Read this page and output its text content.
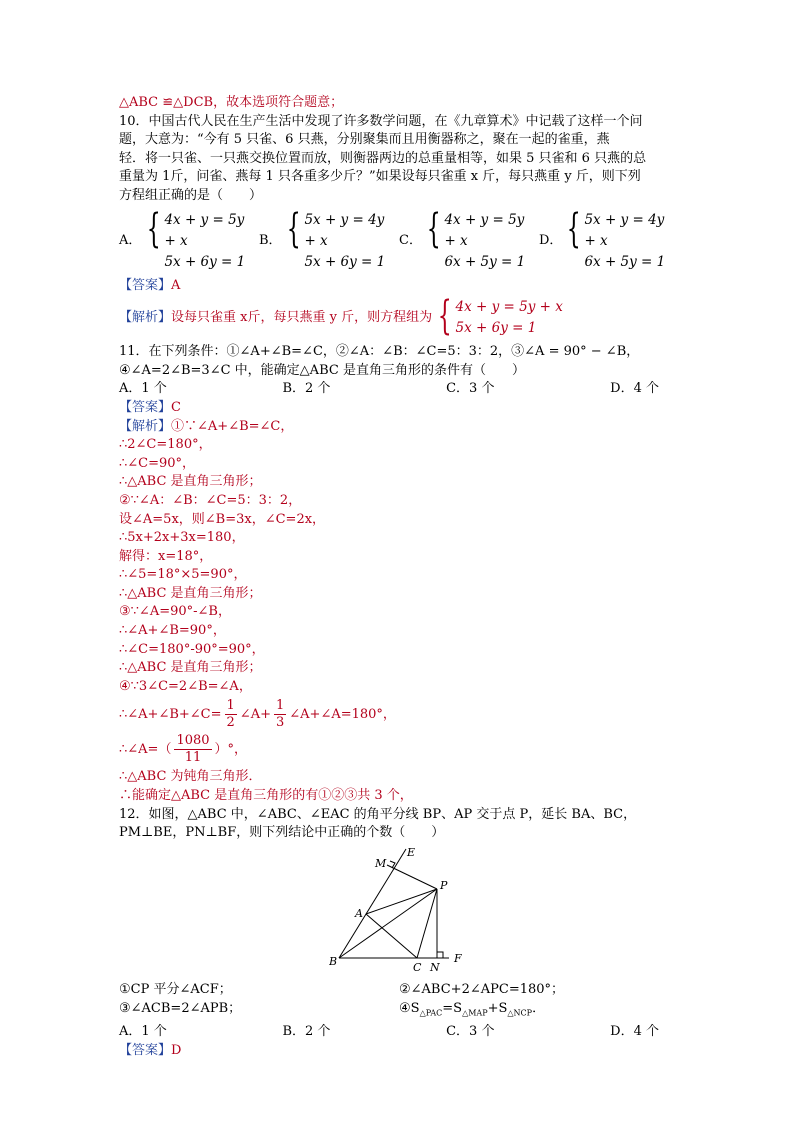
△ABC ≌△DCB，故本选项符合题意；

10．中国古代人民在生产生活中发现了许多数学问题，在《九章算术》中记载了这样一个问

题，大意为：“今有 5 只雀、6 只燕，分别聚集而且用衡器称之，聚在一起的雀重，燕

轻．将一只雀、一只燕交换位置而放，则衡器两边的总重量相等，如果 5 只雀和 6 只燕的总

重量为 1斤，问雀、燕每 1 只各重多少斤？”如果设每只雀重 x 斤，每只燕重 y 斤，则下列

方程组正确的是（　　）

A． { 4x + y = 5y + x
5x + 6y = 1
B． { 5x + y = 4y + x
5x + 6y = 1
C． { 4x + y = 5y + x
6x + 5y = 1
D． { 5x + y = 4y + x
6x + 5y = 1

【答案】A

【解析】 设每只雀重 x斤，每只燕重 y 斤，则方程组为 { 4x + y = 5y + x
5x + 6y = 1

11．在下列条件：①∠A+∠B=∠C，②∠A：∠B：∠C=5：3：2，③∠A = 90° − ∠B，

④∠A=2∠B=3∠C 中，能确定△ABC 是直角三角形的条件有（　　）

A．1 个	B．2 个	C．3 个	D．4 个

【答案】C

【解析】①∵∠A+∠B=∠C，

∴2∠C=180°，

∴∠C=90°，

∴△ABC 是直角三角形；

②∵∠A：∠B：∠C=5：3：2，

设∠A=5x，则∠B=3x，∠C=2x，

∴5x+2x+3x=180，

解得：x=18°，

∴∠5=18°×5=90°，

∴△ABC 是直角三角形；

③∵∠A=90°-∠B，

∴∠A+∠B=90°，

∴∠C=180°-90°=90°，

∴△ABC 是直角三角形；

④∵3∠C=2∠B=∠A，

∴∠A+∠B+∠C= $\frac{1}{2}$ ∠A+ $\frac{1}{3}$ ∠A+∠A=180°，

∴∠A=（ $\frac{1080}{11}$ ）°，

∴△ABC 为钝角三角形．

∴能确定△ABC 是直角三角形的有①②③共 3 个，

12．如图，△ABC 中，∠ABC、∠EAC 的角平分线 BP、AP 交于点 P，延长 BA、BC，

PM⊥BE，PN⊥BF，则下列结论中正确的个数（　　）

E
M
P
A
B	C N
F

①CP 平分∠ACF；	②∠ABC+2∠APC=180°；

③∠ACB=2∠APB；	$④S_{\triangle PAC}=S_{\triangle MAP}+S_{\triangle NCP}$．

A．1 个	B．2 个	C．3 个	D．4 个

【答案】D
